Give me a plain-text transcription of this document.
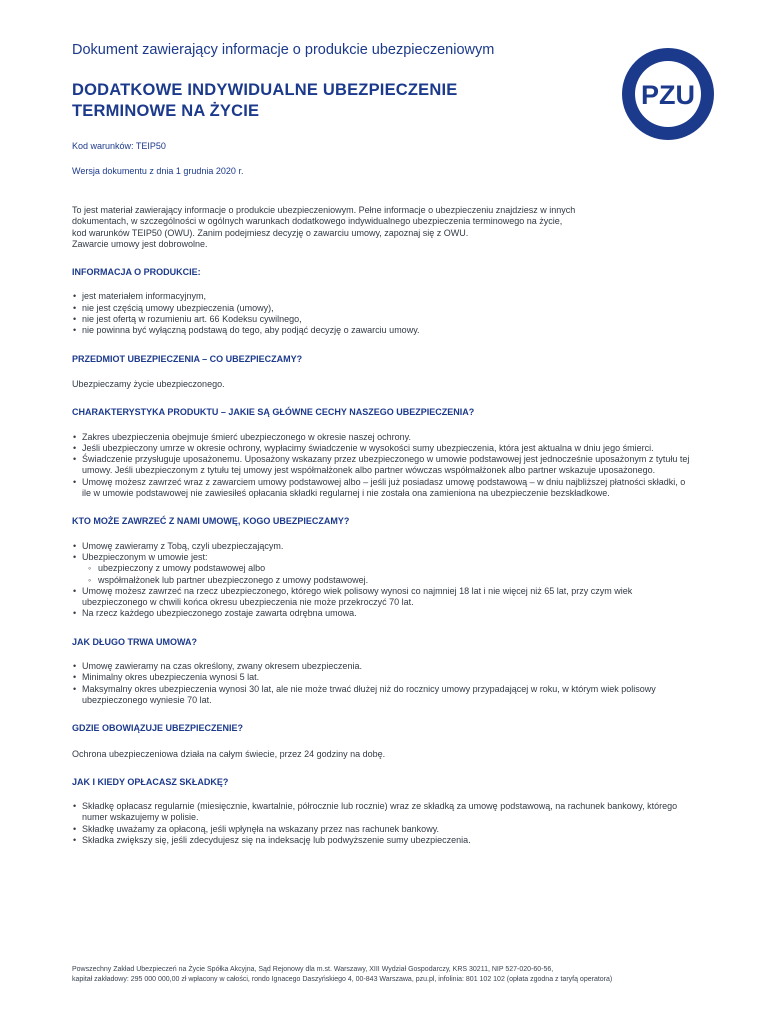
Dokument zawierający informacje o produkcie ubezpieczeniowym
DODATKOWE INDYWIDUALNE UBEZPIECZENIE
TERMINOWE NA ŻYCIE
PZU
Kod warunków: TEIP50
Wersja dokumentu z dnia 1 grudnia 2020 r.

To jest materiał zawierający informacje o produkcie ubezpieczeniowym. Pełne informacje o ubezpieczeniu znajdziesz w innych

dokumentach, w szczególności w ogólnych warunkach dodatkowego indywidualnego ubezpieczenia terminowego na życie,

kod warunków TEIP50 (OWU). Zanim podejmiesz decyzję o zawarciu umowy, zapoznaj się z OWU.

Zawarcie umowy jest dobrowolne.

INFORMACJA O PRODUKCIE:
• jest materiałem informacyjnym,
• nie jest częścią umowy ubezpieczenia (umowy),
• nie jest ofertą w rozumieniu art. 66 Kodeksu cywilnego,
• nie powinna być wyłączną podstawą do tego, aby podjąć decyzję o zawarciu umowy.
PRZEDMIOT UBEZPIECZENIA – CO UBEZPIECZAMY?

Ubezpieczamy życie ubezpieczonego.

CHARAKTERYSTYKA PRODUKTU – JAKIE SĄ GŁÓWNE CECHY NASZEGO UBEZPIECZENIA?
• Zakres ubezpieczenia obejmuje śmierć ubezpieczonego w okresie naszej ochrony.
• Jeśli ubezpieczony umrze w okresie ochrony, wypłacimy świadczenie w wysokości sumy ubezpieczenia, która jest aktualna w dniu jego śmierci.
• Świadczenie przysługuje uposażonemu. Uposażony wskazany przez ubezpieczonego w umowie podstawowej jest jednocześnie uposażonym z tytułu tej umowy. Jeśli ubezpieczonym z tytułu tej umowy jest współmałżonek albo partner wówczas współmałżonek albo partner wskazuje uposażonego.
• Umowę możesz zawrzeć wraz z zawarciem umowy podstawowej albo – jeśli już posiadasz umowę podstawową – w dniu najbliższej płatności składki, o ile w umowie podstawowej nie zawiesiłeś opłacania składki regularnej i nie została ona zamieniona na ubezpieczenie bezskładkowe.
KTO MOŻE ZAWRZEĆ Z NAMI UMOWĘ, KOGO UBEZPIECZAMY?
• Umowę zawieramy z Tobą, czyli ubezpieczającym.
• Ubezpieczonym w umowie jest:
◦ ubezpieczony z umowy podstawowej albo
◦ współmałżonek lub partner ubezpieczonego z umowy podstawowej.
• Umowę możesz zawrzeć na rzecz ubezpieczonego, którego wiek polisowy wynosi co najmniej 18 lat i nie więcej niż 65 lat, przy czym wiek ubezpieczonego w chwili końca okresu ubezpieczenia nie może przekroczyć 70 lat.
• Na rzecz każdego ubezpieczonego zostaje zawarta odrębna umowa.
JAK DŁUGO TRWA UMOWA?
• Umowę zawieramy na czas określony, zwany okresem ubezpieczenia.
• Minimalny okres ubezpieczenia wynosi 5 lat.
• Maksymalny okres ubezpieczenia wynosi 30 lat, ale nie może trwać dłużej niż do rocznicy umowy przypadającej w roku, w którym wiek polisowy ubezpieczonego wyniesie 70 lat.
GDZIE OBOWIĄZUJE UBEZPIECZENIE?

Ochrona ubezpieczeniowa działa na całym świecie, przez 24 godziny na dobę.

JAK I KIEDY OPŁACASZ SKŁADKĘ?
• Składkę opłacasz regularnie (miesięcznie, kwartalnie, półrocznie lub rocznie) wraz ze składką za umowę podstawową, na rachunek bankowy, którego numer wskazujemy w polisie.
• Składkę uważamy za opłaconą, jeśli wpłynęła na wskazany przez nas rachunek bankowy.
• Składka zwiększy się, jeśli zdecydujesz się na indeksację lub podwyższenie sumy ubezpieczenia.

Powszechny Zakład Ubezpieczeń na Życie Spółka Akcyjna, Sąd Rejonowy dla m.st. Warszawy, XIII Wydział Gospodarczy, KRS 30211, NIP 527-020-60-56,

kapitał zakładowy: 295 000 000,00 zł wpłacony w całości, rondo Ignacego Daszyńskiego 4, 00-843 Warszawa, pzu.pl, infolinia: 801 102 102 (opłata zgodna z taryfą operatora)
